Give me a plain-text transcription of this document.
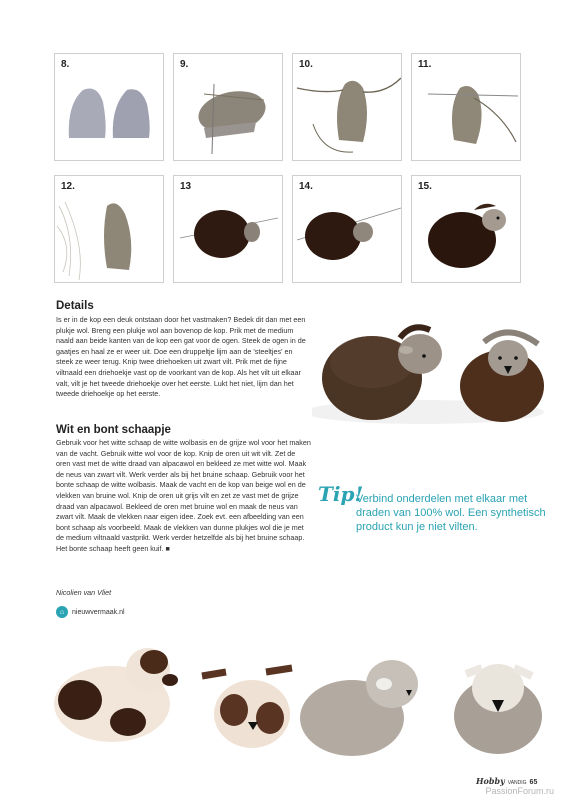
8.	9.	10.	11.
12.	13	14.	15.
Details

Is er in de kop een deuk ontstaan door het vastmaken? Bedek dit dan met een plukje wol. Breng een plukje wol aan bovenop de kop. Prik met de medium naald aan beide kanten van de kop een gat voor de ogen. Steek de ogen in de gaatjes en haal ze er weer uit. Doe een druppeltje lijm aan de 'steeltjes' en steek ze weer terug. Knip twee driehoeken uit zwart vilt. Prik met de fijne viltnaald een driehoekje vast op de voorkant van de kop. Als het vilt uit elkaar valt, vilt je het tweede driehoekje over het eerste. Lukt het niet, lijm dan het tweede driehoekje op het eerste.

Wit en bont schaapje

Gebruik voor het witte schaap de witte wolbasis en de grijze wol voor het maken van de vacht. Gebruik witte wol voor de kop. Knip de oren uit wit vilt. Zet de oren vast met de witte draad van alpacawol en bekleed ze met witte wol. Maak de neus van zwart vilt. Werk verder als bij het bruine schaap. Gebruik voor het bonte schaap de witte wolbasis. Maak de vacht en de kop van beige wol en de vlekken van bruine wol. Knip de oren uit grijs vilt en zet ze vast met de grijze draad van alpacawol. Bekleed de oren met bruine wol en maak de neus van zwart vilt. Maak de vlekken naar eigen idee. Zoek evt. een afbeelding van een bont schaap als voorbeeld. Maak de vlekken van dunne plukjes wol die je met de medium viltnaald vastprikt. Werk verder hetzelfde als bij het bruine schaap. Het bonte schaap heeft geen kuif. ■

Nicolien van Vliet
Tip!

Verbind onderdelen met elkaar met draden van 100% wol. Een synthetisch product kun je niet vilten.

⌂	nieuwvermaak.nl
Hobby VANDIG 65
PassionForum.ru
